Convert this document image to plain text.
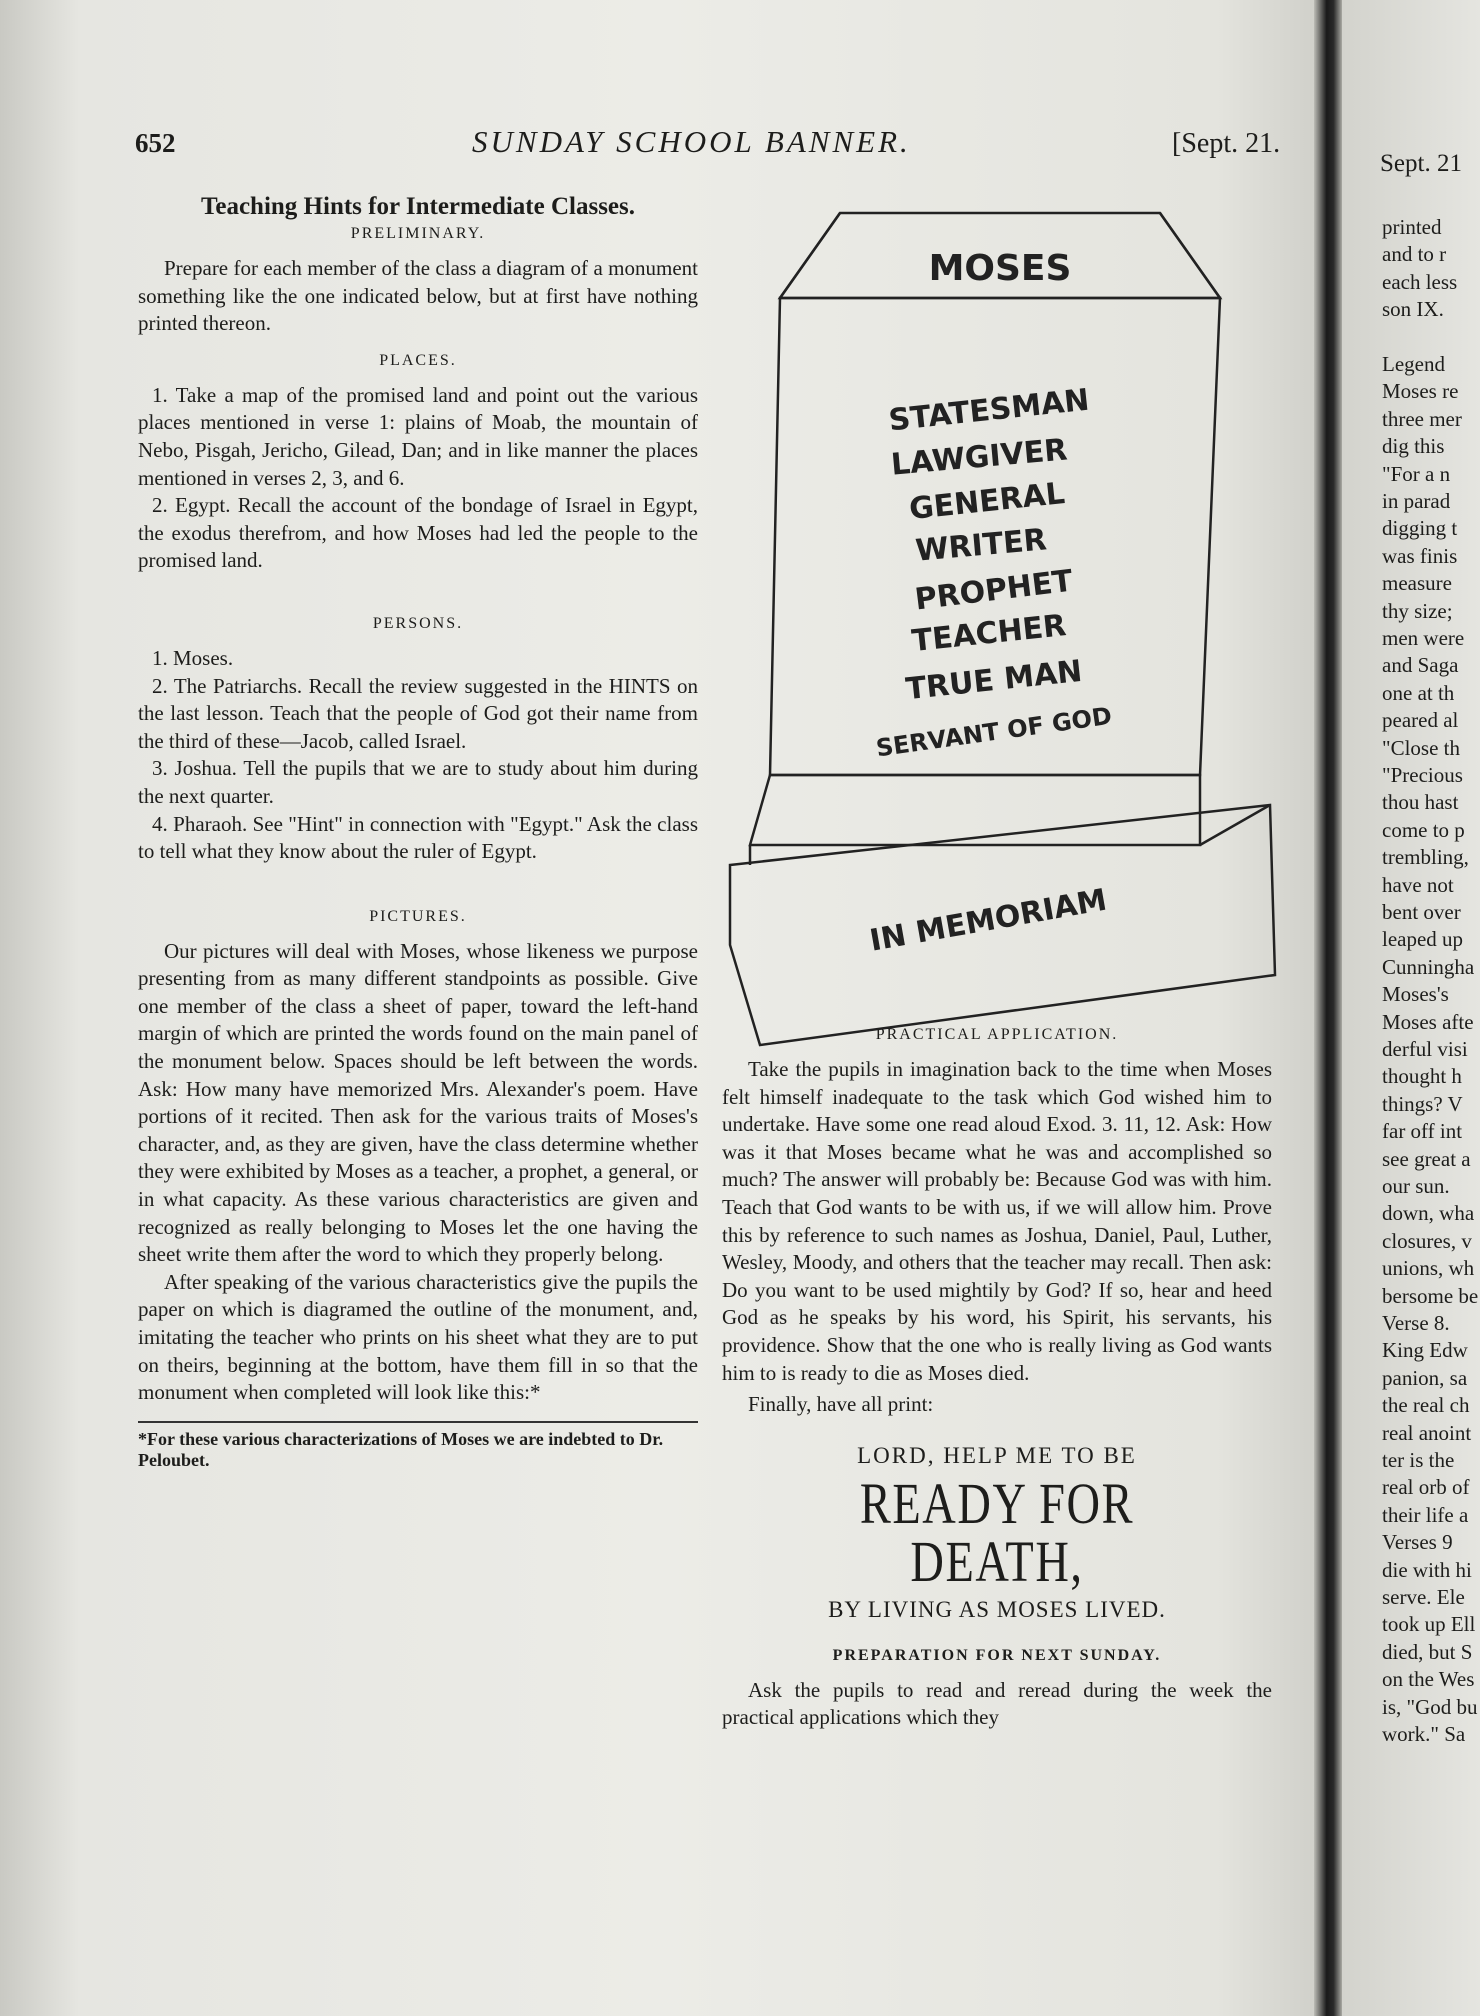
652	SUNDAY SCHOOL BANNER.	[Sept. 21.
Teaching Hints for Intermediate Classes.
PRELIMINARY.

Prepare for each member of the class a diagram of a monument something like the one indicated below, but at first have nothing printed thereon.

PLACES.

1. Take a map of the promised land and point out the various places mentioned in verse 1: plains of Moab, the mountain of Nebo, Pisgah, Jericho, Gilead, Dan; and in like manner the places mentioned in verses 2, 3, and 6.

2. Egypt. Recall the account of the bondage of Israel in Egypt, the exodus therefrom, and how Moses had led the people to the promised land.

PERSONS.

1. Moses.

2. The Patriarchs. Recall the review suggested in the HINTS on the last lesson. Teach that the people of God got their name from the third of these—Jacob, called Israel.

3. Joshua. Tell the pupils that we are to study about him during the next quarter.

4. Pharaoh. See "Hint" in connection with "Egypt." Ask the class to tell what they know about the ruler of Egypt.

PICTURES.

Our pictures will deal with Moses, whose likeness we purpose presenting from as many different standpoints as possible. Give one member of the class a sheet of paper, toward the left-hand margin of which are printed the words found on the main panel of the monument below. Spaces should be left between the words. Ask: How many have memorized Mrs. Alexander's poem. Have portions of it recited. Then ask for the various traits of Moses's character, and, as they are given, have the class determine whether they were exhibited by Moses as a teacher, a prophet, a general, or in what capacity. As these various characteristics are given and recognized as really belonging to Moses let the one having the sheet write them after the word to which they properly belong.

After speaking of the various characteristics give the pupils the paper on which is diagramed the outline of the monument, and, imitating the teacher who prints on his sheet what they are to put on theirs, beginning at the bottom, have them fill in so that the monument when completed will look like this:*

*For these various characterizations of Moses we are indebted to Dr. Peloubet.
MOSES
STATESMAN
LAWGIVER
GENERAL
WRITER
PROPHET
TEACHER
TRUE MAN
SERVANT OF GOD
IN MEMORIAM
PRACTICAL APPLICATION.

Take the pupils in imagination back to the time when Moses felt himself inadequate to the task which God wished him to undertake. Have some one read aloud Exod. 3. 11, 12. Ask: How was it that Moses became what he was and accomplished so much? The answer will probably be: Because God was with him. Teach that God wants to be with us, if we will allow him. Prove this by reference to such names as Joshua, Daniel, Paul, Luther, Wesley, Moody, and others that the teacher may recall. Then ask: Do you want to be used mightily by God? If so, hear and heed God as he speaks by his word, his Spirit, his servants, his providence. Show that the one who is really living as God wants him to is ready to die as Moses died.

Finally, have all print:

LORD, HELP ME TO BE
READY FOR DEATH,
BY LIVING AS MOSES LIVED.
PREPARATION FOR NEXT SUNDAY.

Ask the pupils to read and reread during the week the practical applications which they

Sept. 21
printed
and to r
each less
son IX.
Legend
Moses re
three mer
dig this
"For a n
in parad
digging t
was finis
measure
thy size;
men were
and Saga
one at th
peared al
"Close th
"Precious
thou hast
come to p
trembling,
have not
bent over
leaped up
Cunningha
Moses's
Moses afte
derful visi
thought h
things? V
far off int
see great a
our sun.
down, wha
closures, v
unions, wh
bersome be
Verse 8.
King Edw
panion, sa
the real ch
real anoint
ter is the
real orb of
their life a
Verses 9
die with hi
serve. Ele
took up Ell
died, but S
on the Wes
is, "God bu
work." Sa
